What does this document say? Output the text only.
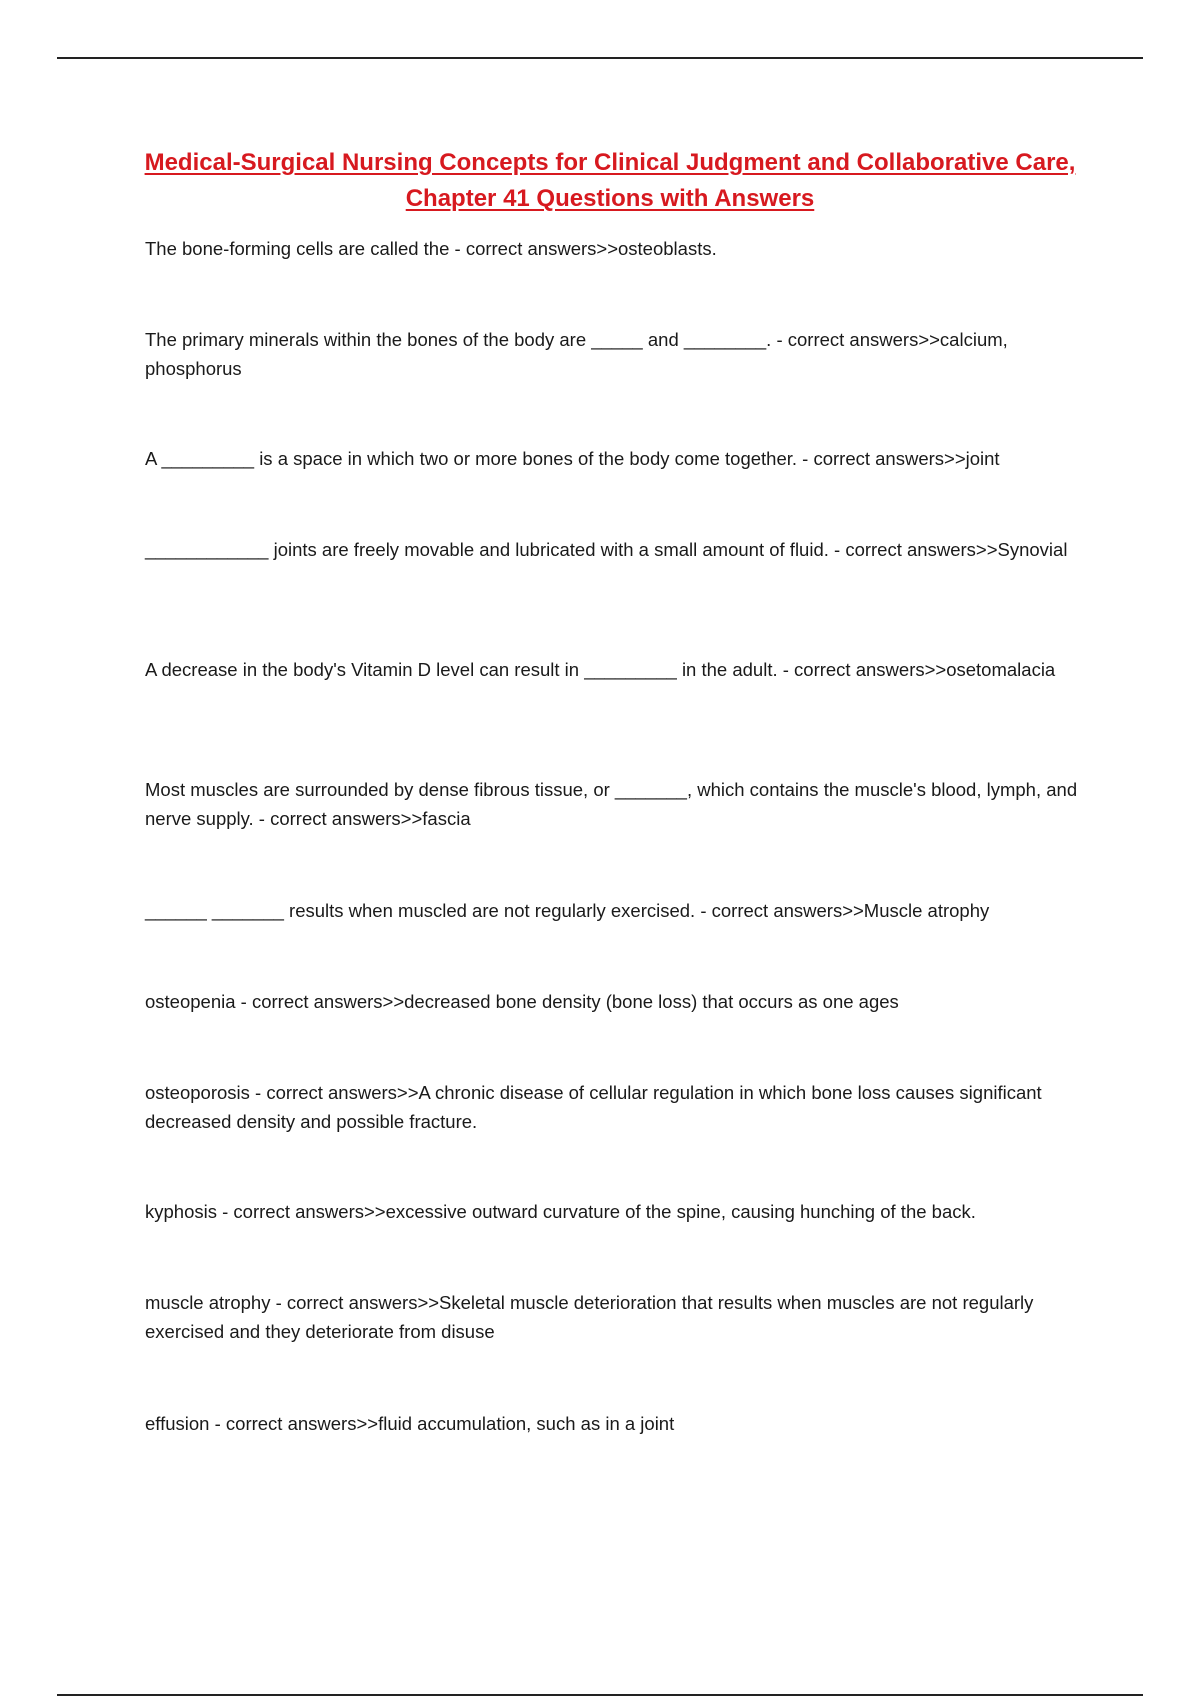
Medical-Surgical Nursing Concepts for Clinical Judgment and Collaborative Care,
Chapter 41 Questions with Answers

The bone-forming cells are called the - correct answers>>osteoblasts.

The primary minerals within the bones of the body are _____ and ________. - correct answers>>calcium, phosphorus

A _________ is a space in which two or more bones of the body come together. - correct answers>>joint

____________ joints are freely movable and lubricated with a small amount of fluid. - correct answers>>Synovial

A decrease in the body's Vitamin D level can result in _________ in the adult. - correct answers>>osetomalacia

Most muscles are surrounded by dense fibrous tissue, or _______, which contains the muscle's blood, lymph, and nerve supply. - correct answers>>fascia

______ _______ results when muscled are not regularly exercised. - correct answers>>Muscle atrophy

osteopenia - correct answers>>decreased bone density (bone loss) that occurs as one ages

osteoporosis - correct answers>>A chronic disease of cellular regulation in which bone loss causes significant decreased density and possible fracture.

kyphosis - correct answers>>excessive outward curvature of the spine, causing hunching of the back.

muscle atrophy - correct answers>>Skeletal muscle deterioration that results when muscles are not regularly exercised and they deteriorate from disuse

effusion - correct answers>>fluid accumulation, such as in a joint
